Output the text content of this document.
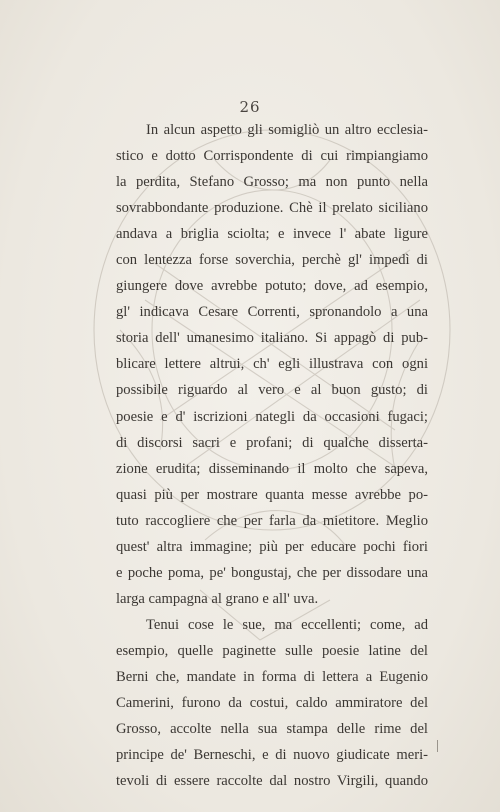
26
In alcun aspetto gli somigliò un altro ecclesia-
stico e dotto Corrispondente di cui rimpiangiamo
la perdita, Stefano Grosso; ma non punto nella
sovrabbondante produzione. Chè il prelato siciliano
andava a briglia sciolta; e invece l' abate ligure
con lentezza forse soverchia, perchè gl' impedì di
giungere dove avrebbe potuto; dove, ad esempio,
gl' indicava Cesare Correnti, spronandolo a una
storia dell' umanesimo italiano. Si appagò di pub-
blicare lettere altrui, ch' egli illustrava con ogni
possibile riguardo al vero e al buon gusto; di
poesie e d' iscrizioni nategli da occasioni fugaci;
di discorsi sacri e profani; di qualche disserta-
zione erudita; disseminando il molto che sapeva,
quasi più per mostrare quanta messe avrebbe po-
tuto raccogliere che per farla da mietitore. Meglio
quest' altra immagine; più per educare pochi fiori
e poche poma, pe' bongustaj, che per dissodare una
larga campagna al grano e all' uva.
Tenui cose le sue, ma eccellenti; come, ad
esempio, quelle paginette sulle poesie latine del
Berni che, mandate in forma di lettera a Eugenio
Camerini, furono da costui, caldo ammiratore del
Grosso, accolte nella sua stampa delle rime del
principe de' Berneschi, e di nuovo giudicate meri-
tevoli di essere raccolte dal nostro Virgili, quando
